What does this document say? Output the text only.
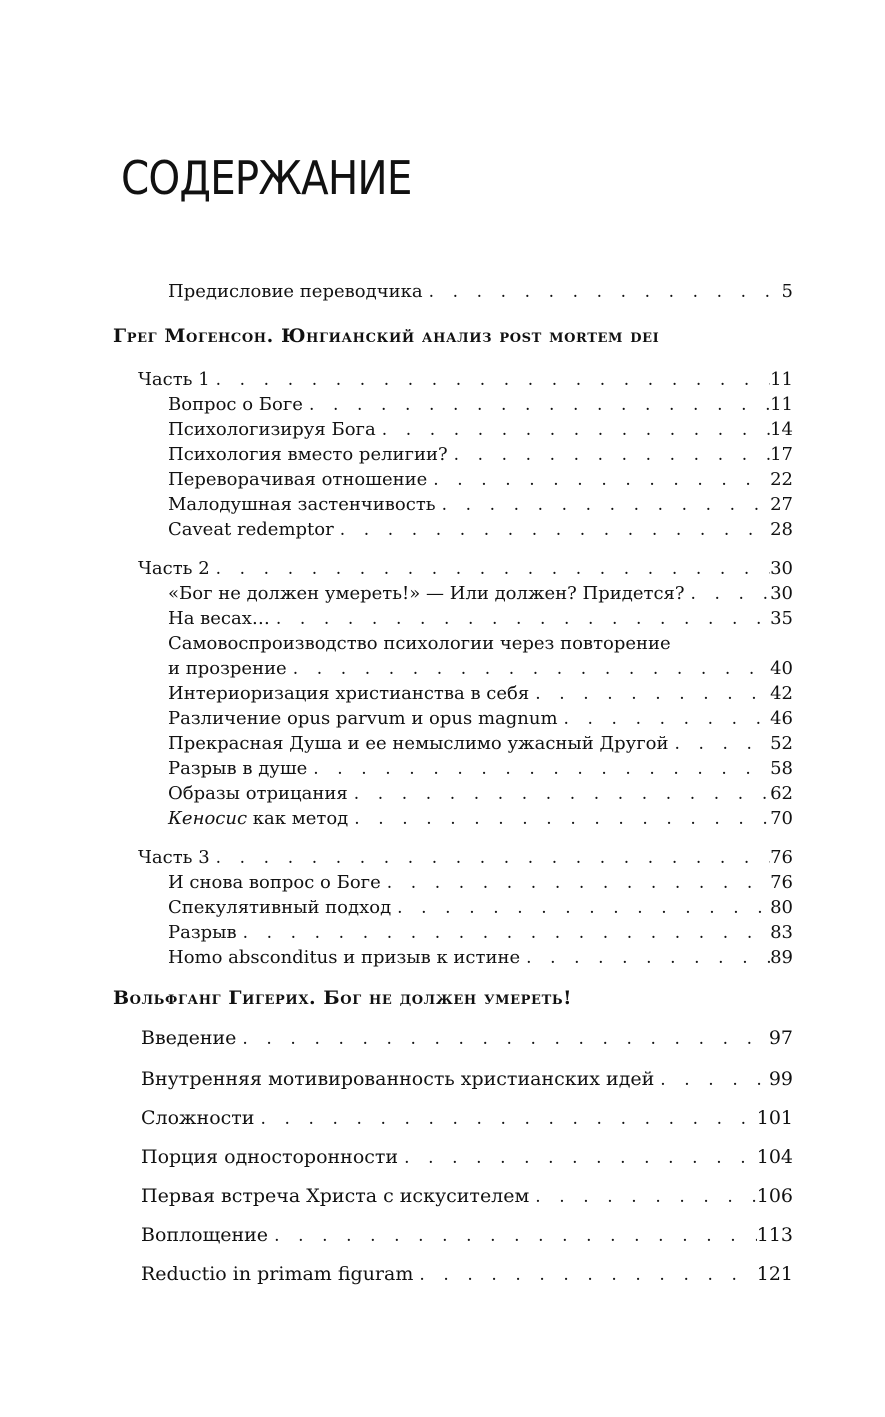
СОДЕРЖАНИЕ
Предисловие переводчика . . .	5
Грег Могенсон. Юнгианский анализ post mortem dei
Часть 1 . . .	11
Вопрос о Боге . . .	11
Психологизируя Бога . . .	14
Психология вместо религии? . . .	17
Переворачивая отношение . . .	22
Малодушная застенчивость . . .	27
Caveat redemptor . . .	28
Часть 2 . . .	30
«Бог не должен умереть!» — Или должен? Придется? . . .	30
На весах… . . .	35
Самовоспроизводство психологии через повторение
и прозрение . . .	40
Интериоризация христианства в себя . . .	42
Различение opus parvum и opus magnum . . .	46
Прекрасная Душа и ее немыслимо ужасный Другой . . .	52
Разрыв в душе . . .	58
Образы отрицания . . .	62
Кеносис как метод . . .	70
Часть 3 . . .	76
И снова вопрос о Боге . . .	76
Спекулятивный подход . . .	80
Разрыв . . .	83
Homo absconditus и призыв к истине . . .	89
Вольфганг Гигерих. Бог не должен умереть!
Введение . . .	97
Внутренняя мотивированность христианских идей . . .	99
Сложности . . .	101
Порция односторонности . . .	104
Первая встреча Христа с искусителем . . .	106
Воплощение . . .	113
Reductio in primam figuram . . .	121
